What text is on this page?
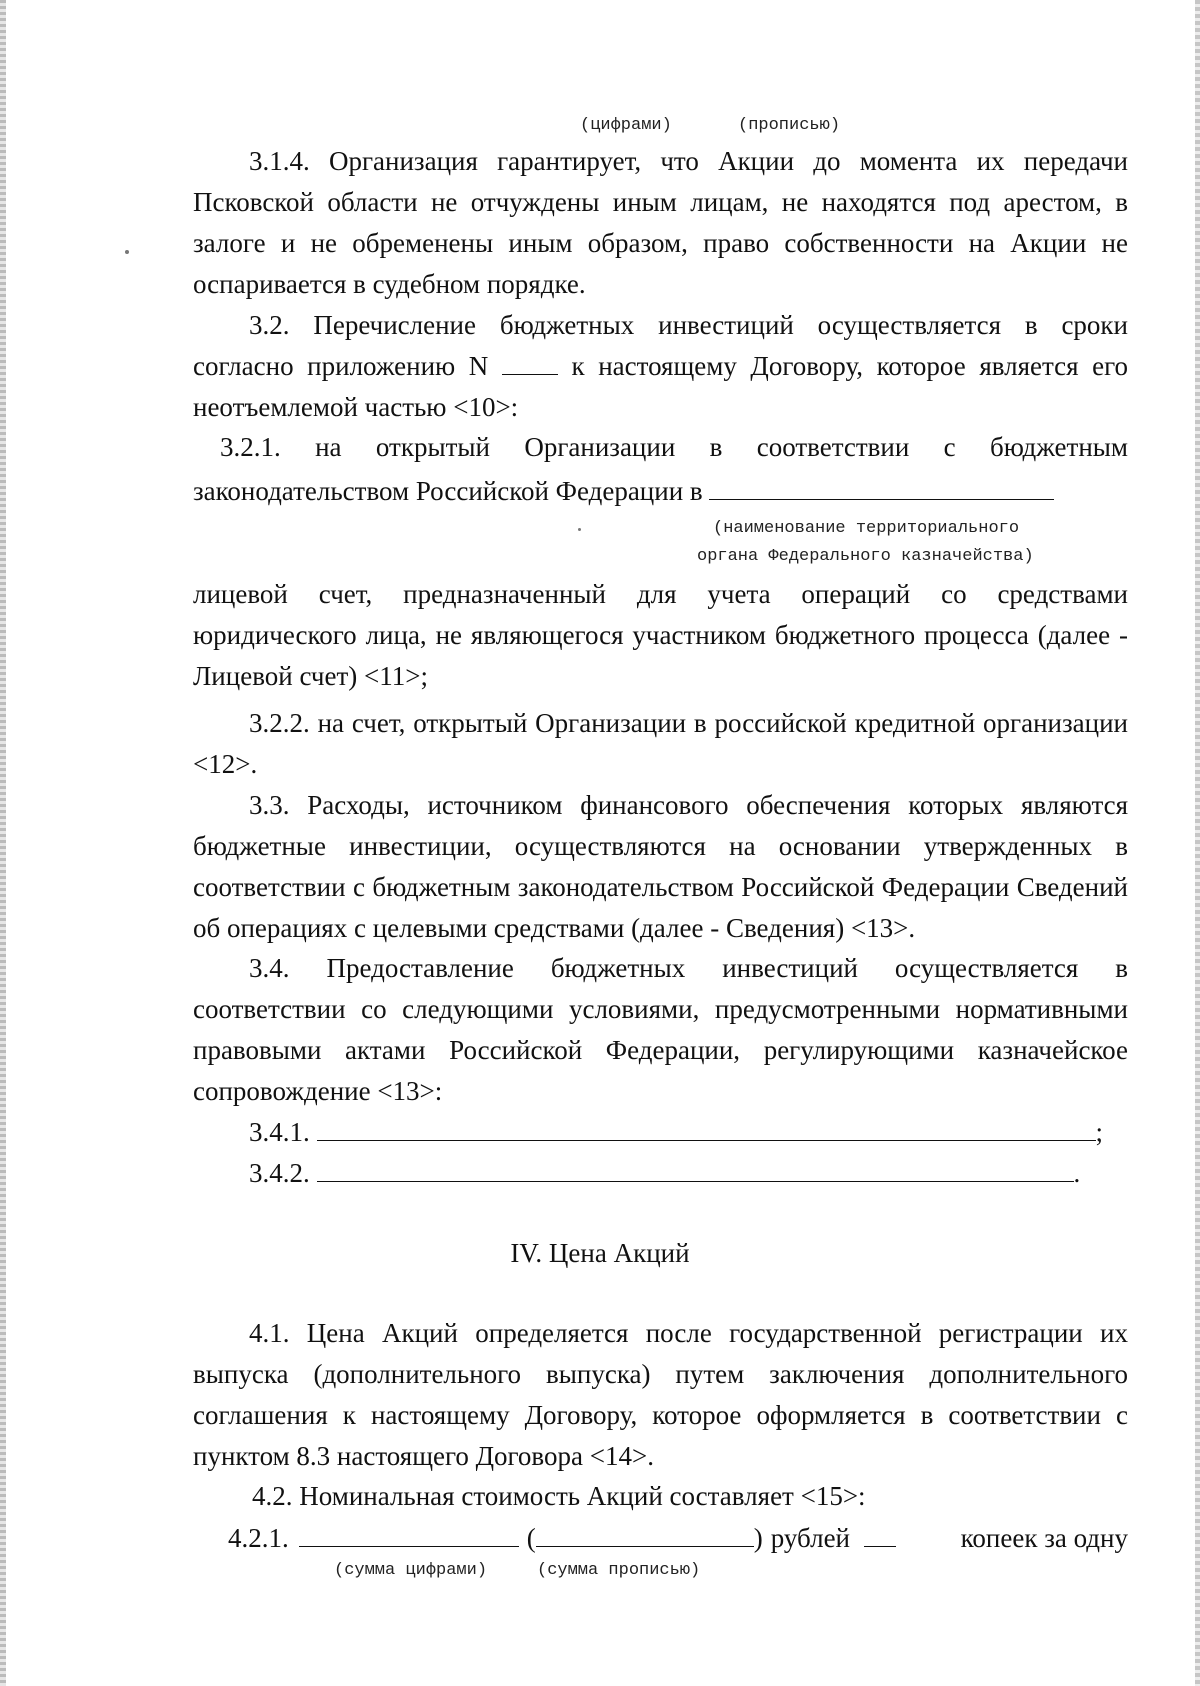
(цифрами)	(прописью)
3.1.4. Организация гарантирует, что Акции до момента их передачи Псковской области не отчуждены иным лицам, не находятся под арестом, в залоге и не обременены иным образом, право собственности на Акции не оспаривается в судебном порядке.
3.2. Перечисление бюджетных инвестиций осуществляется в сроки согласно приложению N	к настоящему Договору, которое является его неотъемлемой частью <10>:
3.2.1. на открытый Организации в соответствии с бюджетным
законодательством Российской Федерации в
(наименование территориального
органа Федерального казначейства)
лицевой счет, предназначенный для учета операций со средствами юридического лица, не являющегося участником бюджетного процесса (далее - Лицевой счет) <11>;
3.2.2. на счет, открытый Организации в российской кредитной организации <12>.
3.3. Расходы, источником финансового обеспечения которых являются бюджетные инвестиции, осуществляются на основании утвержденных в соответствии с бюджетным законодательством Российской Федерации Сведений об операциях с целевыми средствами (далее - Сведения) <13>.
3.4. Предоставление бюджетных инвестиций осуществляется в соответствии со следующими условиями, предусмотренными нормативными правовыми актами Российской Федерации, регулирующими казначейское сопровождение <13>:
3.4.1.	;
3.4.2.	.
IV. Цена Акций
4.1. Цена Акций определяется после государственной регистрации их выпуска (дополнительного выпуска) путем заключения дополнительного соглашения к настоящему Договору, которое оформляется в соответствии с пунктом 8.3 настоящего Договора <14>.
4.2. Номинальная стоимость Акций составляет <15>:
4.2.1.	(	) рублей	копеек за одну
(сумма цифрами)	(сумма прописью)
